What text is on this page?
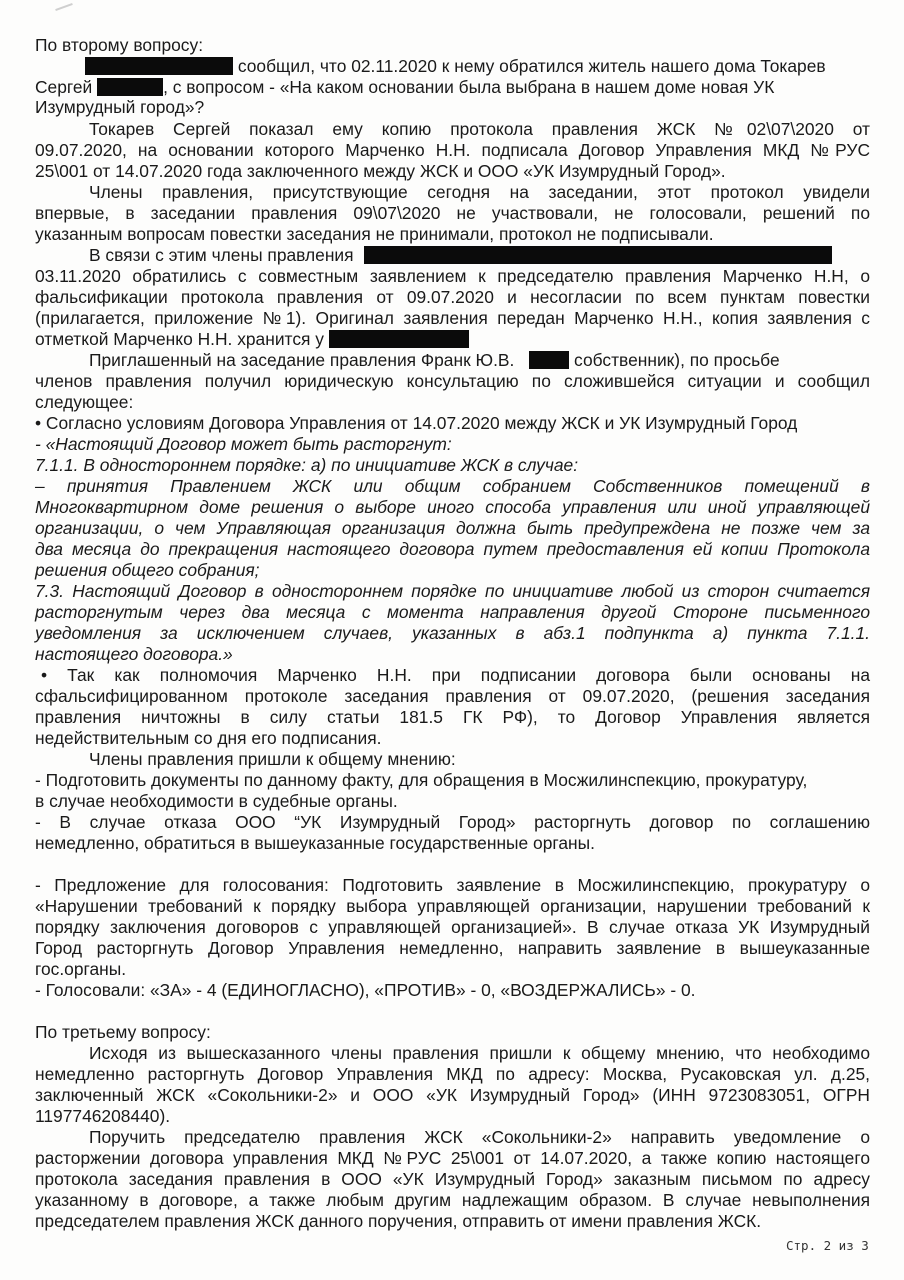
По второму вопросу:
сообщил, что 02.11.2020 к нему обратился житель нашего дома Токарев
Сергей	, с вопросом - «На каком основании была выбрана в нашем доме новая УК
Изумрудный город»?
Токарев Сергей показал ему копию протокола правления ЖСК №02\07\2020 от
09.07.2020, на основании которого Марченко Н.Н. подписала Договор Управления МКД №РУС
25\001 от 14.07.2020 года заключенного между ЖСК и ООО «УК Изумрудный Город».
Члены правления, присутствующие сегодня на заседании, этот протокол увидели
впервые, в заседании правления 09\07\2020 не участвовали, не голосовали, решений по
указанным вопросам повестки заседания не принимали, протокол не подписывали.
В связи с этим члены правления
03.11.2020 обратились с совместным заявлением к председателю правления Марченко Н.Н, о
фальсификации протокола правления от 09.07.2020 и несогласии по всем пунктам повестки
(прилагается, приложение №1). Оригинал заявления передан Марченко Н.Н., копия заявления с
отметкой Марченко Н.Н. хранится у
Приглашенный на заседание правления Франк Ю.В.	собственник), по просьбе
членов правления получил юридическую консультацию по сложившейся ситуации и сообщил
следующее:
• Согласно условиям Договора Управления от 14.07.2020 между ЖСК и УК Изумрудный Город
- «Настоящий Договор может быть расторгнут:
7.1.1. В одностороннем порядке: а) по инициативе ЖСК в случае:
– принятия Правлением ЖСК или общим собранием Собственников помещений в
Многоквартирном доме решения о выборе иного способа управления или иной управляющей
организации, о чем Управляющая организация должна быть предупреждена не позже чем за
два месяца до прекращения настоящего договора путем предоставления ей копии Протокола
решения общего собрания;
7.3. Настоящий Договор в одностороннем порядке по инициативе любой из сторон считается
расторгнутым через два месяца с момента направления другой Стороне письменного
уведомления за исключением случаев, указанных в абз.1 подпункта а) пункта 7.1.1.
настоящего договора.»
• Так как полномочия Марченко Н.Н. при подписании договора были основаны на
сфальсифицированном протоколе заседания правления от 09.07.2020, (решения заседания
правления ничтожны в силу статьи 181.5 ГК РФ), то Договор Управления является
недействительным со дня его подписания.
Члены правления пришли к общему мнению:
- Подготовить документы по данному факту, для обращения в Мосжилинспекцию, прокуратуру,
в случае необходимости в судебные органы.
- В случае отказа ООО “УК Изумрудный Город» расторгнуть договор по соглашению
немедленно, обратиться в вышеуказанные государственные органы.
- Предложение для голосования: Подготовить заявление в Мосжилинспекцию, прокуратуру о
«Нарушении требований к порядку выбора управляющей организации, нарушении требований к
порядку заключения договоров с управляющей организацией». В случае отказа УК Изумрудный
Город расторгнуть Договор Управления немедленно, направить заявление в вышеуказанные
гос.органы.
- Голосовали: «ЗА» - 4 (ЕДИНОГЛАСНО), «ПРОТИВ» - 0, «ВОЗДЕРЖАЛИСЬ» - 0.
По третьему вопросу:
Исходя из вышесказанного члены правления пришли к общему мнению, что необходимо
немедленно расторгнуть Договор Управления МКД по адресу: Москва, Русаковская ул. д.25,
заключенный ЖСК «Сокольники-2» и ООО «УК Изумрудный Город» (ИНН 9723083051, ОГРН
1197746208440).
Поручить председателю правления ЖСК «Сокольники-2» направить уведомление о
расторжении договора управления МКД №РУС 25\001 от 14.07.2020, а также копию настоящего
протокола заседания правления в ООО «УК Изумрудный Город» заказным письмом по адресу
указанному в договоре, а также любым другим надлежащим образом. В случае невыполнения
председателем правления ЖСК данного поручения, отправить от имени правления ЖСК.
Стр. 2 из 3
